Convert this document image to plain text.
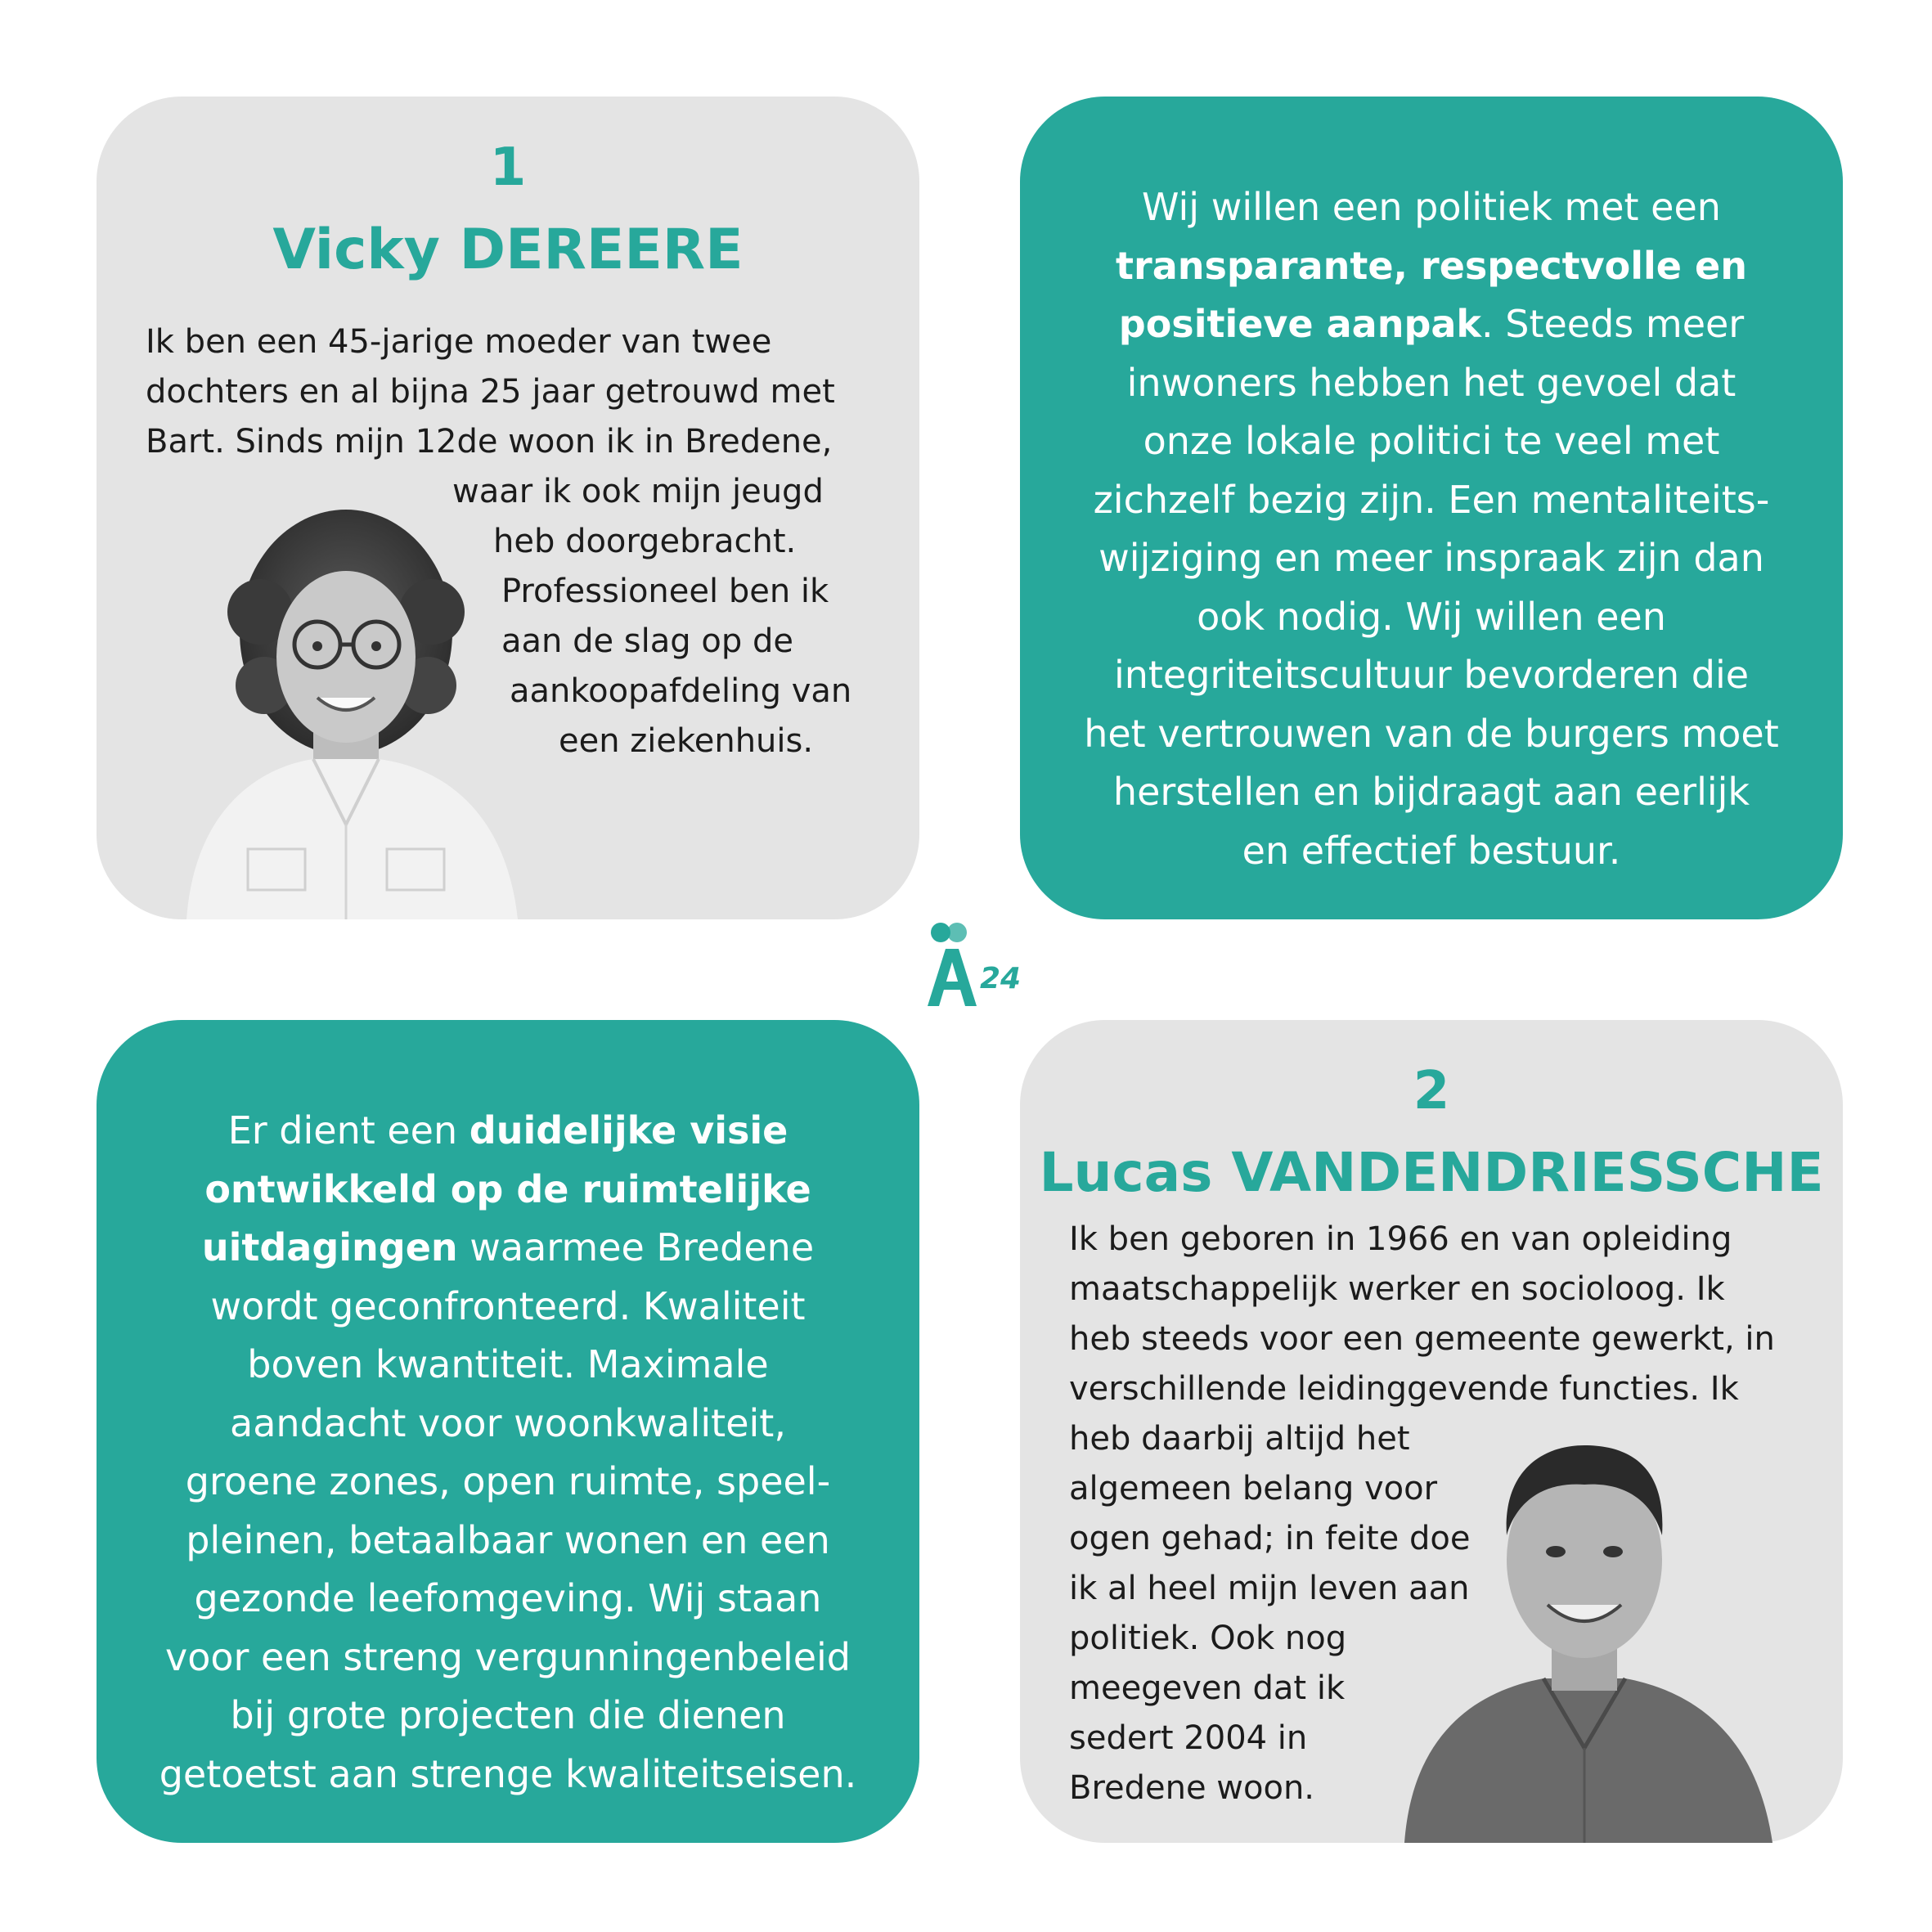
1
Vicky DEREERE
Ik ben een 45-jarige moeder van twee
dochters en al bijna 25 jaar getrouwd met
Bart. Sinds mijn 12de woon ik in Bredene,
waar ik ook mijn jeugd
heb doorgebracht.
Professioneel ben ik
aan de slag op de
aankoopafdeling van
een ziekenhuis.
Wij willen een politiek met een
transparante, respectvolle en
positieve aanpak. Steeds meer
inwoners hebben het gevoel dat
onze lokale politici te veel met
zichzelf bezig zijn. Een mentaliteits-
wijziging en meer inspraak zijn dan
ook nodig. Wij willen een
integriteitscultuur bevorderen die
het vertrouwen van de burgers moet
herstellen en bijdraagt aan eerlijk
en effectief bestuur.
24
Er dient een duidelijke visie
ontwikkeld op de ruimtelijke
uitdagingen waarmee Bredene
wordt geconfronteerd. Kwaliteit
boven kwantiteit. Maximale
aandacht voor woonkwaliteit,
groene zones, open ruimte, speel-
pleinen, betaalbaar wonen en een
gezonde leefomgeving. Wij staan
voor een streng vergunningenbeleid
bij grote projecten die dienen
getoetst aan strenge kwaliteitseisen.
2
Lucas VANDENDRIESSCHE
Ik ben geboren in 1966 en van opleiding
maatschappelijk werker en socioloog. Ik
heb steeds voor een gemeente gewerkt, in
verschillende leidinggevende functies. Ik
heb daarbij altijd het
algemeen belang voor
ogen gehad; in feite doe
ik al heel mijn leven aan
politiek. Ook nog
meegeven dat ik
sedert 2004 in
Bredene woon.
